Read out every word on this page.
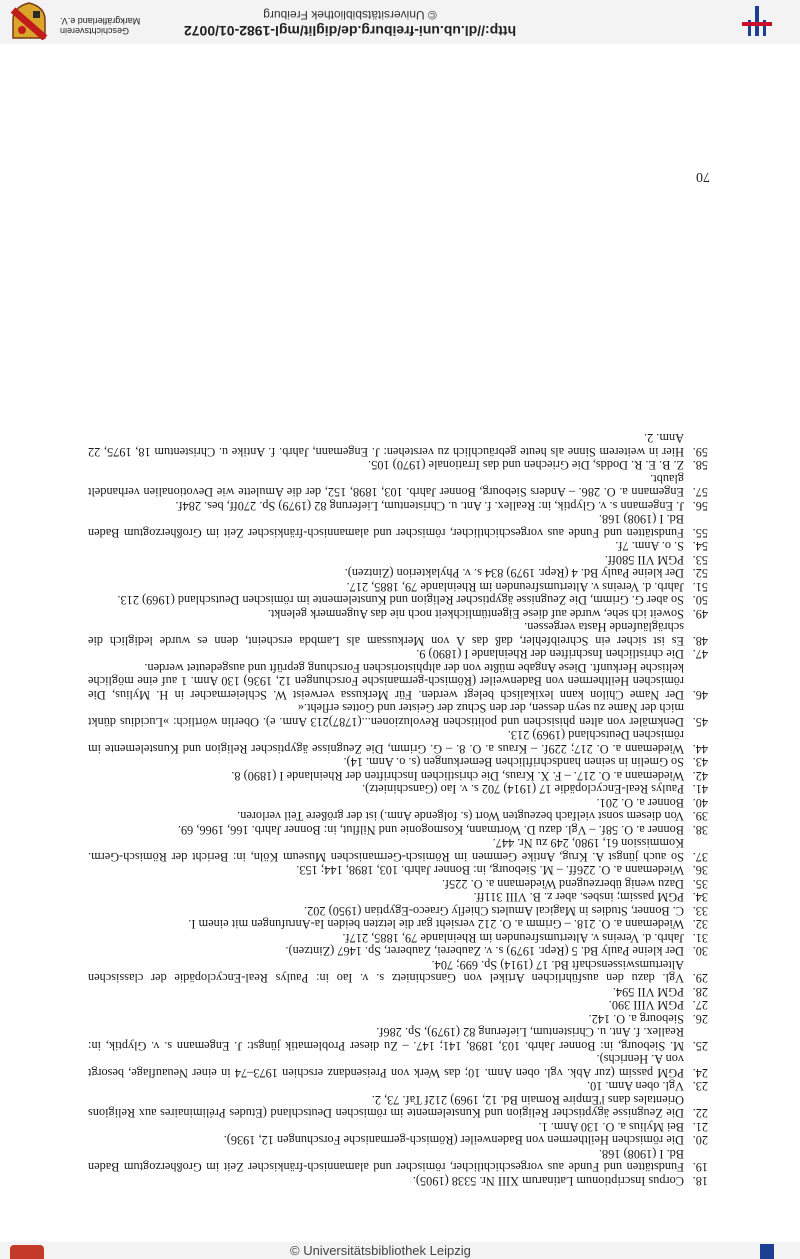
© Universitätsbibliothek Leipzig
http://dl.ub.uni-freiburg.de/diglit/mgl-1982-01/0072
© Universitätsbibliothek Freiburg
Geschichtsverein
Markgräflerland e.V.
70
18.
Corpus Inscriptionum Latinarum XIII Nr. 5338 (1905).
19.
Fundstätten und Funde aus vorgeschichtlicher, römischer und alamannisch-fränkischer Zeit im Großherzogtum Baden Bd. I (1908) 168.
20.
Die römischen Heilthermen von Badenweiler (Römisch-germanische Forschungen 12, 1936).
21.
Bei Mylius a. O. 130 Anm. 1.
22.
Die Zeugnisse ägyptischer Religion und Kunstelemente im römischen Deutschland (Etudes Préliminaires aux Religions Orientales dans l'Empire Romain Bd. 12, 1969) 212f Taf. 73, 2.
23.
Vgl. oben Anm. 10.
24.
PGM passim (zur Abk. vgl. oben Anm. 10; das Werk von Preisendanz erschien 1973–74 in einer Neuauflage, besorgt von A. Henrichs).
25.
M. Siebourg, in: Bonner Jahrb. 103, 1898, 141; 147. – Zu dieser Problematik jüngst: J. Engemann s. v. Glyptik, in: Reallex. f. Ant. u. Christentum, Lieferung 82 (1979), Sp. 286f.
26.
Siebourg a. O. 142.
27.
PGM VIII 390.
28.
PGM VII 594.
29.
Vgl. dazu den ausführlichen Artikel von Ganschinietz s. v. Iao in: Paulys Real-Encyclopädie der classischen Altertumswissenschaft Bd. 17 (1914) Sp. 699; 704.
30.
Der kleine Pauly Bd. 5 (Repr. 1979) s. v. Zauberei, Zauberer, Sp. 1467 (Zintzen).
31.
Jahrb. d. Vereins v. Altertumsfreunden im Rheinlande 79, 1885, 217f.
32.
Wiedemann a. O. 218. – Grimm a. O. 212 versieht gar die letzten beiden Ia-Anrufungen mit einem I.
33.
C. Bonner, Studies in Magical Amulets Chiefly Graeco-Egyptian (1950) 202.
34.
PGM passim; insbes. aber z. B. VIII 311ff.
35.
Dazu wenig überzeugend Wiedemann a. O. 225f.
36.
Wiedemann a. O. 226ff. – M. Siebourg, in: Bonner Jahrb. 103, 1898, 144; 153.
37.
So auch jüngst A. Krug, Antike Gemmen im Römisch-Germanischen Museum Köln, in: Bericht der Römisch-Germ. Kommission 61, 1980, 249 zu Nr. 447.
38.
Bonner a. O. 58f. – Vgl. dazu D. Wortmann, Kosmogonie und Nilflut, in: Bonner Jahrb. 166, 1966, 69.
39.
Von diesem sonst vielfach bezeugten Wort (s. folgende Anm.) ist der größere Teil verloren.
40.
Bonner a. O. 201.
41.
Paulys Real-Encyclopädie 17 (1914) 702 s. v. Iao (Ganschinietz).
42.
Wiedemann a. O. 217. – F. X. Kraus, Die christlichen Inschriften der Rheinlande I (1890) 8.
43.
So Gmelin in seinen handschriftlichen Bemerkungen (s. o. Anm. 14).
44.
Wiedemann a. O. 217; 229f. – Kraus a. O. 8. – G. Grimm, Die Zeugnisse ägyptischer Religion und Kunstelemente im römischen Deutschland (1969) 213.
45.
Denkmäler von alten phisischen und politischen Revoluzionen...(1787)213 Anm. e). Oberlin wörtlich: »Lucidius dünkt mich der Name zu seyn dessen, der den Schuz der Geister und Gottes erfleht.«
46.
Der Name Chilon kann lexikalisch belegt werden. Für Merkussa verweist W. Schleiermacher in H. Mylius, Die römischen Heilthermen von Badenweiler (Römisch-germanische Forschungen 12, 1936) 130 Anm. 1 auf eine mögliche keltische Herkunft. Diese Angabe müßte von der altphistorischen Forschung geprüft und ausgedeutet werden.
47.
Die christlichen Inschriften der Rheinlande I (1890) 9.
48.
Es ist sicher ein Schreibfehler, daß das Λ von Merkussam als Lambda erscheint, denn es wurde lediglich die schrägläufende Hasta vergessen.
49.
Soweit ich sehe, wurde auf diese Eigentümlichkeit noch nie das Augenmerk gelenkt.
50.
So aber G. Grimm, Die Zeugnisse ägyptischer Religion und Kunstelemente im römischen Deutschland (1969) 213.
51.
Jahrb. d. Vereins v. Altertumsfreunden im Rheinlande 79, 1885, 217.
52.
Der kleine Pauly Bd. 4 (Repr. 1979) 834 s. v. Phylakterion (Zintzen).
53.
PGM VII 580ff.
54.
S. o. Anm. 7f.
55.
Fundstätten und Funde aus vorgeschichtlicher, römischer und alamannisch-fränkischer Zeit im Großherzogtum Baden Bd. I (1908) 168.
56.
J. Engemann s. v. Glyptik, in: Reallex. f. Ant. u. Christentum, Lieferung 82 (1979) Sp. 270ff, bes. 284f.
57.
Engemann a. O. 286. – Anders Siebourg, Bonner Jahrb. 103, 1898, 152, der die Amulette wie Devotionalien verhandelt glaubt.
58.
Z. B. E. R. Dodds, Die Griechen und das Irrationale (1970) 105.
59.
Hier in weiterem Sinne als heute gebräuchlich zu verstehen: J. Engemann, Jahrb. f. Antike u. Christentum 18, 1975, 22 Anm. 2.
